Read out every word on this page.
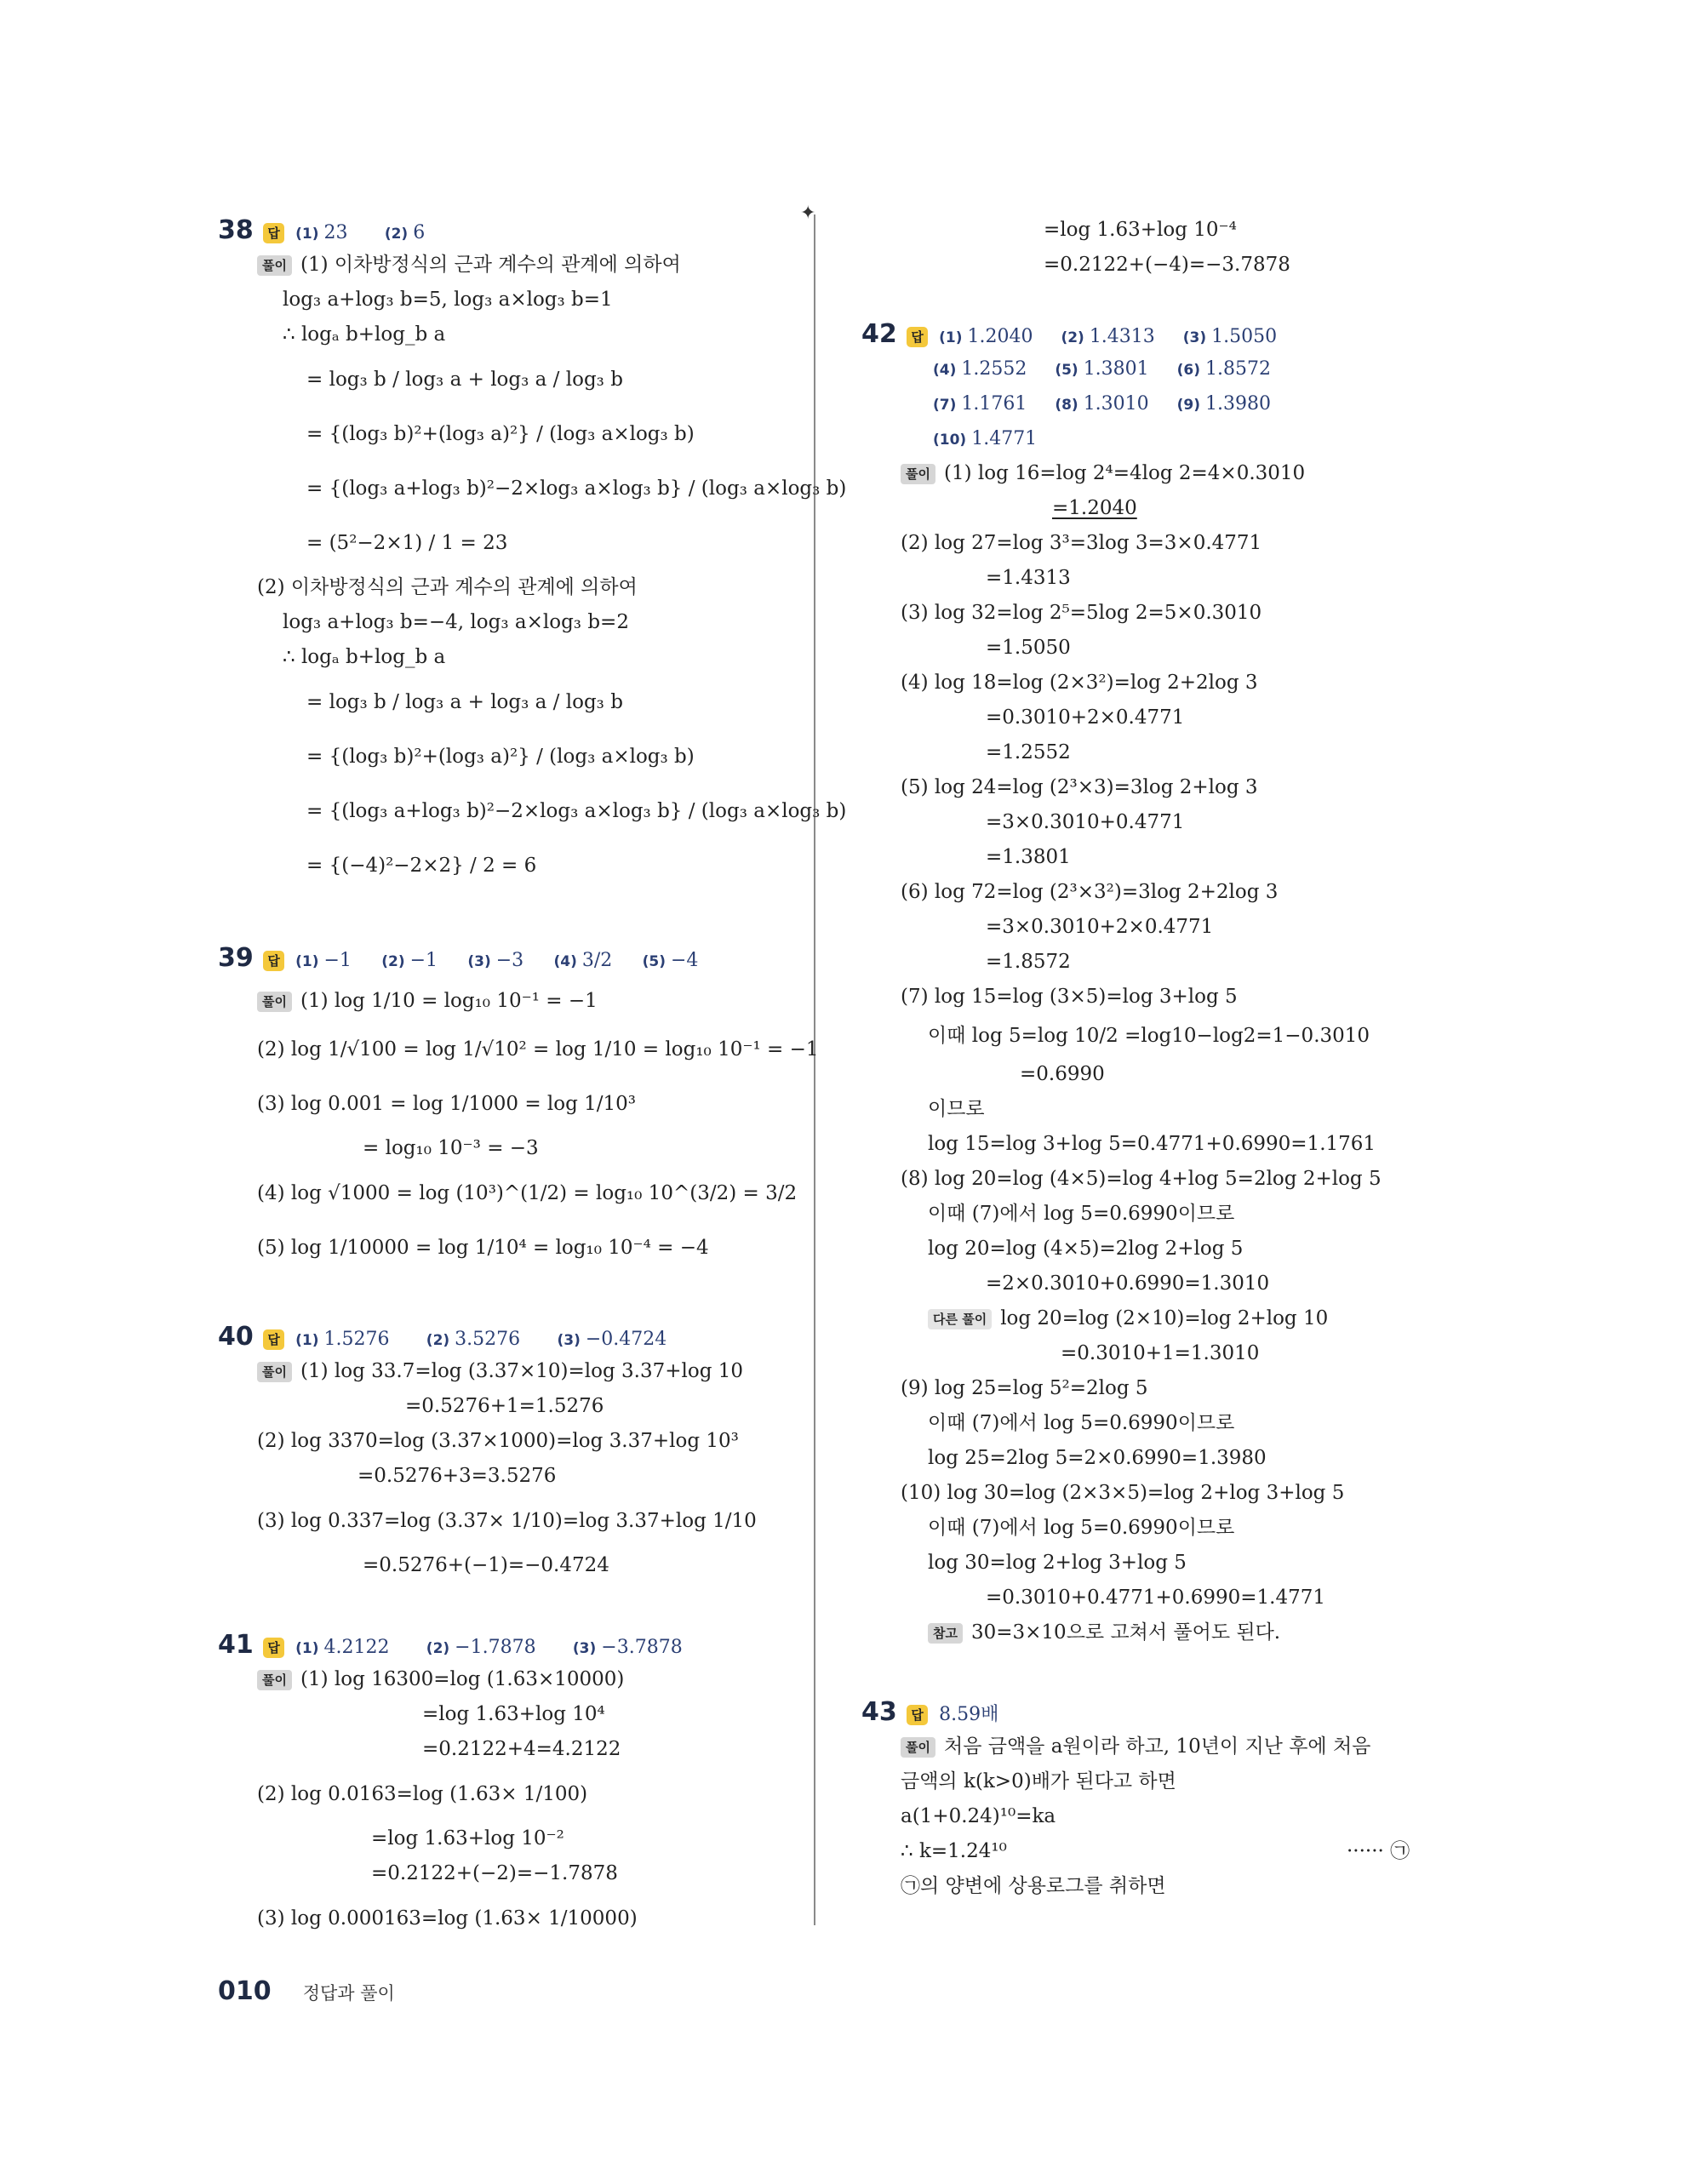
✦
38 답 (1) 23	(2) 6
풀이 (1) 이차방정식의 근과 계수의 관계에 의하여
log₃ a+log₃ b=5, log₃ a×log₃ b=1
∴ logₐ b+log_b a
= log₃ b / log₃ a + log₃ a / log₃ b
= {(log₃ b)²+(log₃ a)²} / (log₃ a×log₃ b)
= {(log₃ a+log₃ b)²−2×log₃ a×log₃ b} / (log₃ a×log₃ b)
= (5²−2×1) / 1 = 23
(2) 이차방정식의 근과 계수의 관계에 의하여
log₃ a+log₃ b=−4, log₃ a×log₃ b=2
∴ logₐ b+log_b a
= log₃ b / log₃ a + log₃ a / log₃ b
= {(log₃ b)²+(log₃ a)²} / (log₃ a×log₃ b)
= {(log₃ a+log₃ b)²−2×log₃ a×log₃ b} / (log₃ a×log₃ b)
= {(−4)²−2×2} / 2 = 6
39 답 (1) −1 (2) −1 (3) −3 (4) 3/2 (5) −4
풀이 (1) log 1/10 = log₁₀ 10⁻¹ = −1
(2) log 1/√100 = log 1/√10² = log 1/10 = log₁₀ 10⁻¹ = −1
(3) log 0.001 = log 1/1000 = log 1/10³
= log₁₀ 10⁻³ = −3
(4) log √1000 = log (10³)^(1/2) = log₁₀ 10^(3/2) = 3/2
(5) log 1/10000 = log 1/10⁴ = log₁₀ 10⁻⁴ = −4
40 답 (1) 1.5276	(2) 3.5276	(3) −0.4724
풀이 (1) log 33.7=log (3.37×10)=log 3.37+log 10
=0.5276+1=1.5276
(2) log 3370=log (3.37×1000)=log 3.37+log 10³
=0.5276+3=3.5276
(3) log 0.337=log (3.37× 1/10)=log 3.37+log 1/10
=0.5276+(−1)=−0.4724
41 답 (1) 4.2122	(2) −1.7878	(3) −3.7878
풀이 (1) log 16300=log (1.63×10000)
=log 1.63+log 10⁴
=0.2122+4=4.2122
(2) log 0.0163=log (1.63× 1/100)
=log 1.63+log 10⁻²
=0.2122+(−2)=−1.7878
(3) log 0.000163=log (1.63× 1/10000)
=log 1.63+log 10⁻⁴
=0.2122+(−4)=−3.7878
42 답 (1) 1.2040 (2) 1.4313 (3) 1.5050
(4) 1.2552 (5) 1.3801 (6) 1.8572
(7) 1.1761 (8) 1.3010 (9) 1.3980
(10) 1.4771
풀이 (1) log 16=log 2⁴=4log 2=4×0.3010
=1.2040
(2) log 27=log 3³=3log 3=3×0.4771
=1.4313
(3) log 32=log 2⁵=5log 2=5×0.3010
=1.5050
(4) log 18=log (2×3²)=log 2+2log 3
=0.3010+2×0.4771
=1.2552
(5) log 24=log (2³×3)=3log 2+log 3
=3×0.3010+0.4771
=1.3801
(6) log 72=log (2³×3²)=3log 2+2log 3
=3×0.3010+2×0.4771
=1.8572
(7) log 15=log (3×5)=log 3+log 5
이때 log 5=log 10/2 =log10−log2=1−0.3010
=0.6990
이므로
log 15=log 3+log 5=0.4771+0.6990=1.1761
(8) log 20=log (4×5)=log 4+log 5=2log 2+log 5
이때 (7)에서 log 5=0.6990이므로
log 20=log (4×5)=2log 2+log 5
=2×0.3010+0.6990=1.3010
다른 풀이 log 20=log (2×10)=log 2+log 10
=0.3010+1=1.3010
(9) log 25=log 5²=2log 5
이때 (7)에서 log 5=0.6990이므로
log 25=2log 5=2×0.6990=1.3980
(10) log 30=log (2×3×5)=log 2+log 3+log 5
이때 (7)에서 log 5=0.6990이므로
log 30=log 2+log 3+log 5
=0.3010+0.4771+0.6990=1.4771
참고 30=3×10으로 고쳐서 풀어도 된다.
43 답 8.59배
풀이 처음 금액을 a원이라 하고, 10년이 지난 후에 처음
금액의 k(k>0)배가 된다고 하면
a(1+0.24)¹⁰=ka
∴ k=1.24¹⁰	······ ㉠
㉠의 양변에 상용로그를 취하면
010 정답과 풀이
